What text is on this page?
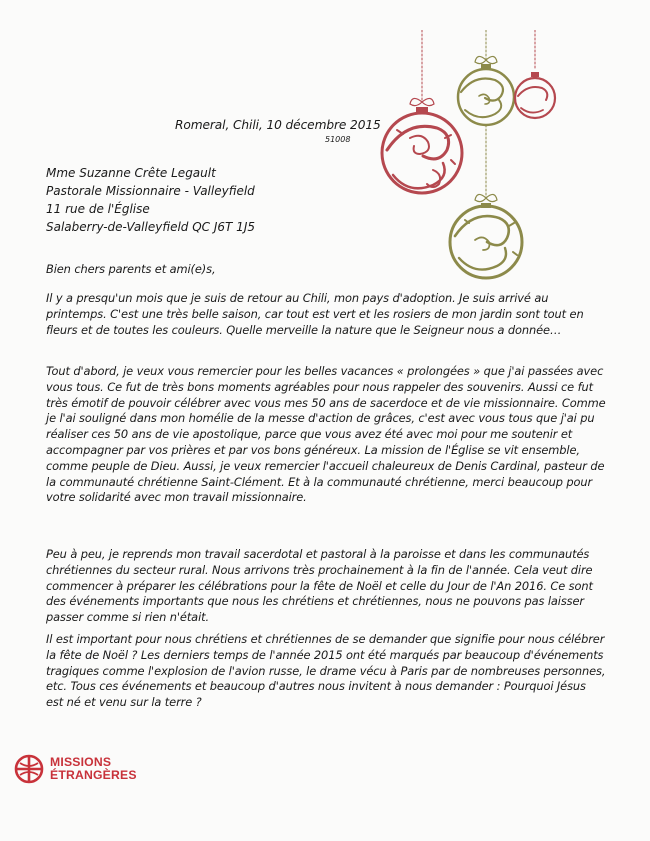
Romeral, Chili, 10 décembre 2015
51008
Mme Suzanne Crête Legault
Pastorale Missionnaire - Valleyfield
11 rue de l'Église
Salaberry-de-Valleyfield QC J6T 1J5
Bien chers parents et ami(e)s,
Il y a presqu'un mois que je suis de retour au Chili, mon pays d'adoption. Je suis arrivé au printemps. C'est une très belle saison, car tout est vert et les rosiers de mon jardin sont tout en fleurs et de toutes les couleurs. Quelle merveille la nature que le Seigneur nous a donnée…
Tout d'abord, je veux vous remercier pour les belles vacances « prolongées » que j'ai passées avec vous tous. Ce fut de très bons moments agréables pour nous rappeler des souvenirs. Aussi ce fut très émotif de pouvoir célébrer avec vous mes 50 ans de sacerdoce et de vie missionnaire. Comme je l'ai souligné dans mon homélie de la messe d'action de grâces, c'est avec vous tous que j'ai pu réaliser ces 50 ans de vie apostolique, parce que vous avez été avec moi pour me soutenir et accompagner par vos prières et par vos bons généreux. La mission de l'Église se vit ensemble, comme peuple de Dieu. Aussi, je veux remercier l'accueil chaleureux de Denis Cardinal, pasteur de la communauté chrétienne Saint-Clément. Et à la communauté chrétienne, merci beaucoup pour votre solidarité avec mon travail missionnaire.
Peu à peu, je reprends mon travail sacerdotal et pastoral à la paroisse et dans les communautés chrétiennes du secteur rural. Nous arrivons très prochainement à la fin de l'année. Cela veut dire commencer à préparer les célébrations pour la fête de Noël et celle du Jour de l'An 2016. Ce sont des événements importants que nous les chrétiens et chrétiennes, nous ne pouvons pas laisser passer comme si rien n'était.
Il est important pour nous chrétiens et chrétiennes de se demander que signifie pour nous célébrer la fête de Noël ? Les derniers temps de l'année 2015 ont été marqués par beaucoup d'événements tragiques comme l'explosion de l'avion russe, le drame vécu à Paris par de nombreuses personnes, etc. Tous ces événements et beaucoup d'autres nous invitent à nous demander : Pourquoi Jésus est né et venu sur la terre ?
MISSIONS
ÉTRANGÈRES
